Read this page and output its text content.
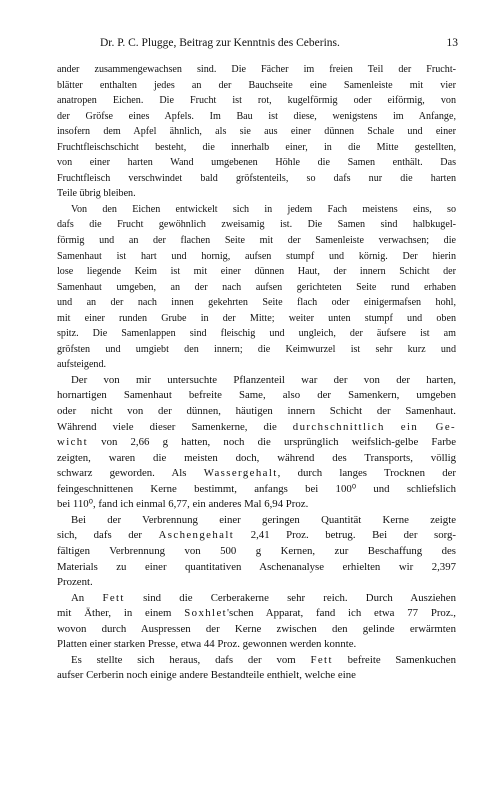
Dr. P. C. Plugge, Beitrag zur Kenntnis des Ceberins.	13
ander zusammengewachsen sind. Die Fächer im freien Teil der Frucht-
blätter enthalten jedes an der Bauchseite eine Samenleiste mit vier
anatropen Eichen. Die Frucht ist rot, kugelförmig oder eiförmig, von
der Gröfse eines Apfels. Im Bau ist diese, wenigstens im Anfange,
insofern dem Apfel ähnlich, als sie aus einer dünnen Schale und einer
Fruchtfleischschicht besteht, die innerhalb einer, in die Mitte gestellten,
von einer harten Wand umgebenen Höhle die Samen enthält. Das
Fruchtfleisch verschwindet bald gröfstenteils, so dafs nur die harten
Teile übrig bleiben.
Von den Eichen entwickelt sich in jedem Fach meistens eins, so
dafs die Frucht gewöhnlich zweisamig ist. Die Samen sind halbkugel-
förmig und an der flachen Seite mit der Samenleiste verwachsen; die
Samenhaut ist hart und hornig, aufsen stumpf und körnig. Der hierin
lose liegende Keim ist mit einer dünnen Haut, der innern Schicht der
Samenhaut umgeben, an der nach aufsen gerichteten Seite rund erhaben
und an der nach innen gekehrten Seite flach oder einigermafsen hohl,
mit einer runden Grube in der Mitte; weiter unten stumpf und oben
spitz. Die Samenlappen sind fleischig und ungleich, der äufsere ist am
gröfsten und umgiebt den innern; die Keimwurzel ist sehr kurz und
aufsteigend.
Der von mir untersuchte Pflanzenteil war der von der harten,
hornartigen Samenhaut befreite Same, also der Samenkern, umgeben
oder nicht von der dünnen, häutigen innern Schicht der Samenhaut.
Während viele dieser Samenkerne, die durchschnittlich ein Ge-
wicht von 2,66 g hatten, noch die ursprünglich weifslich-gelbe Farbe
zeigten, waren die meisten doch, während des Transports, völlig
schwarz geworden. Als Wassergehalt, durch langes Trocknen der
feingeschnittenen Kerne bestimmt, anfangs bei 100⁰ und schliefslich
bei 110⁰, fand ich einmal 6,77, ein anderes Mal 6,94 Proz.
Bei der Verbrennung einer geringen Quantität Kerne zeigte
sich, dafs der Aschengehalt 2,41 Proz. betrug. Bei der sorg-
fältigen Verbrennung von 500 g Kernen, zur Beschaffung des
Materials zu einer quantitativen Aschenanalyse erhielten wir 2,397
Prozent.
An Fett sind die Cerberakerne sehr reich. Durch Ausziehen
mit Äther, in einem Soxhlet'schen Apparat, fand ich etwa 77 Proz.,
wovon durch Auspressen der Kerne zwischen den gelinde erwärmten
Platten einer starken Presse, etwa 44 Proz. gewonnen werden konnte.
Es stellte sich heraus, dafs der vom Fett befreite Samenkuchen
aufser Cerberin noch einige andere Bestandteile enthielt, welche eine
